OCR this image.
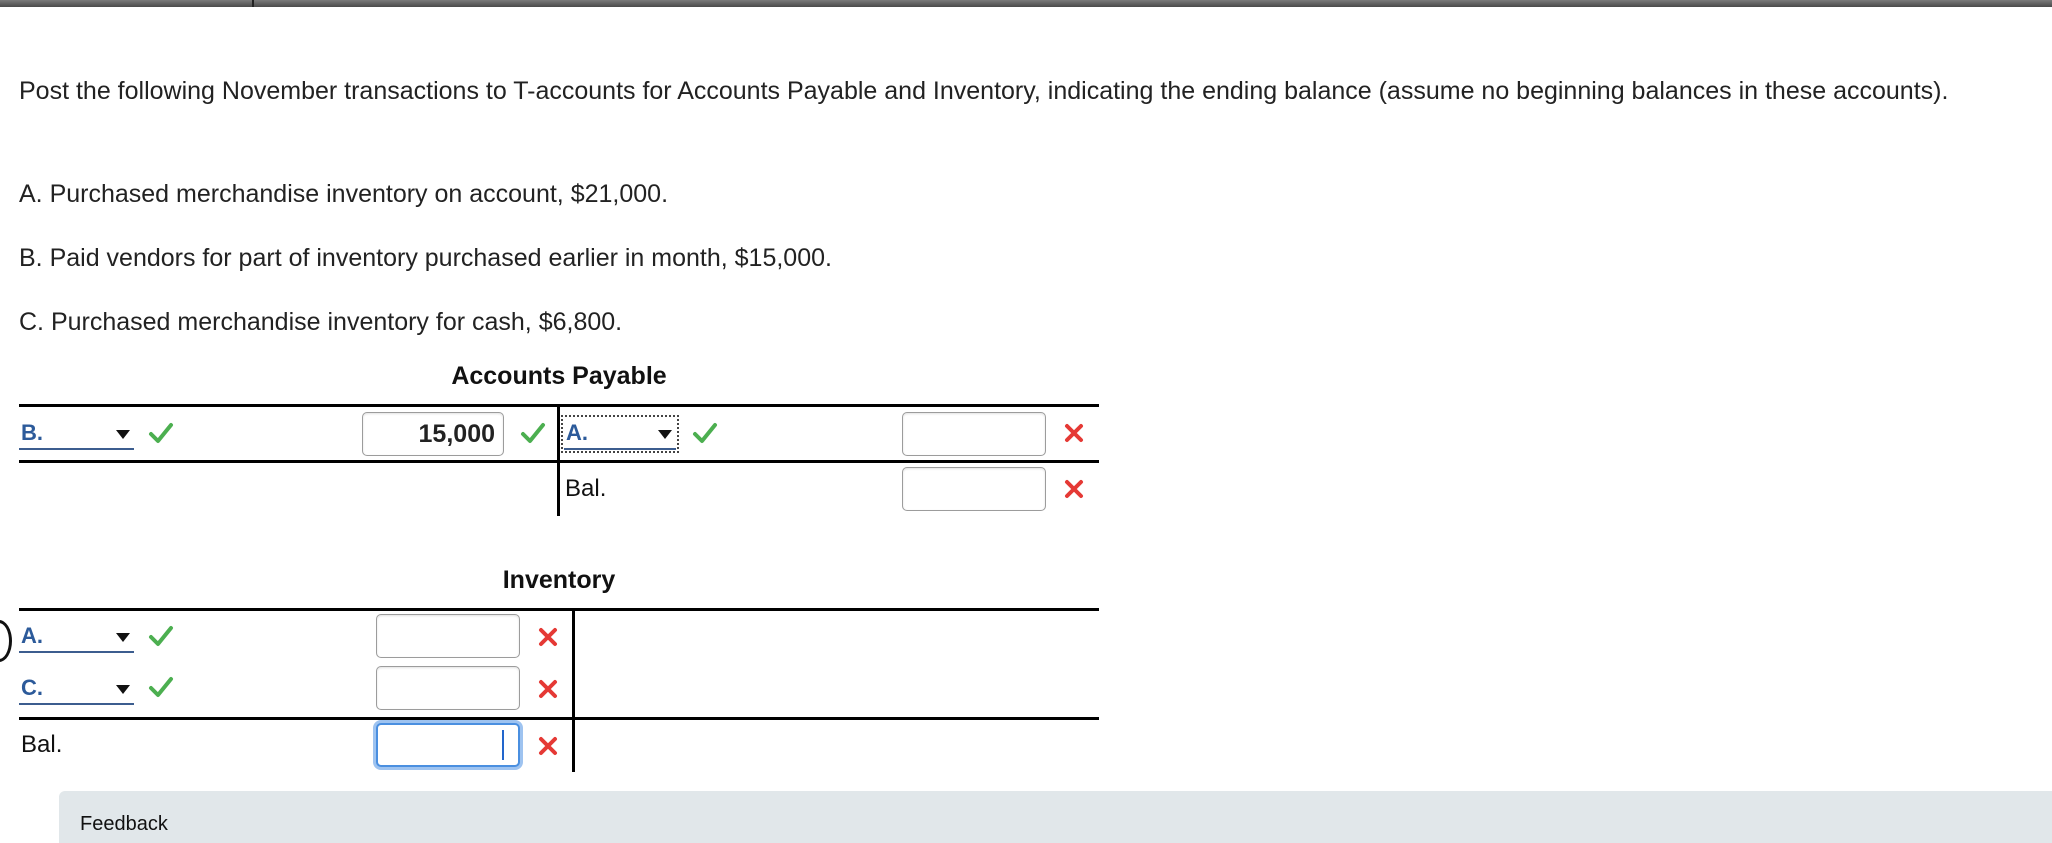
Post the following November transactions to T-accounts for Accounts Payable and Inventory, indicating the ending balance (assume no beginning balances in these accounts).

A. Purchased merchandise inventory on account, $21,000.

B. Paid vendors for part of inventory purchased earlier in month, $15,000.

C. Purchased merchandise inventory for cash, $6,800.

Accounts Payable
B.	15,000	A.
Bal.
Inventory
A.
C.
Bal.
Feedback
